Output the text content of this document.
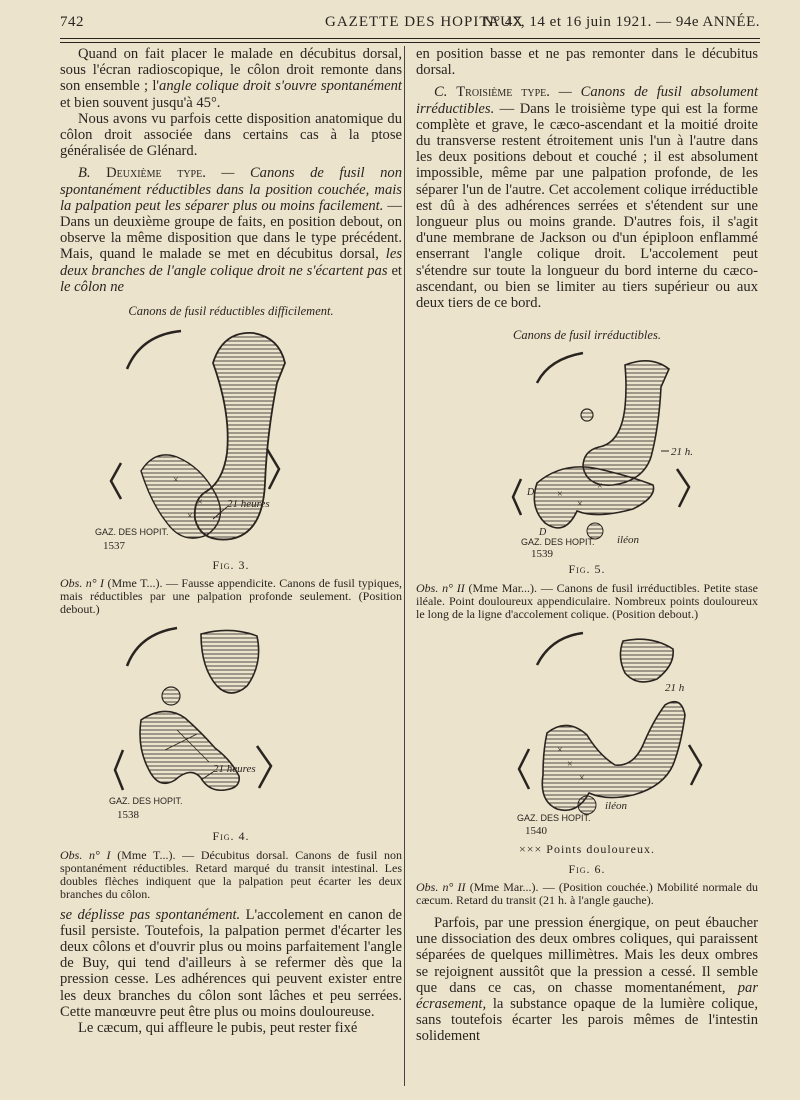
742	GAZETTE DES HOPITAUX
N° 47, 14 et 16 juin 1921. — 94e ANNÉE.

Quand on fait placer le malade en décubitus dorsal, sous l'écran radioscopique, le côlon droit remonte dans son ensemble ; l'angle colique droit s'ouvre spontanément et bien souvent jusqu'à 45°.

Nous avons vu parfois cette disposition anatomique du côlon droit associée dans certains cas à la ptose généralisée de Glénard.

B. Deuxième type. — Canons de fusil non spontanément réductibles dans la position couchée, mais la palpation peut les séparer plus ou moins facilement. — Dans un deuxième groupe de faits, en position debout, on observe la même disposition que dans le type précédent. Mais, quand le malade se met en décubitus dorsal, les deux branches de l'angle colique droit ne s'écartent pas et le côlon ne

Canons de fusil réductibles difficilement.
×
×
×
21 heures
GAZ. DES HOPIT.
1537
Fig. 3.

Obs. n° I (Mme T...). — Fausse appendicite. Canons de fusil typiques, mais réductibles par une palpation profonde seulement. (Position debout.)

21 heures
GAZ. DES HOPIT.
1538
Fig. 4.

Obs. n° I (Mme T...). — Décubitus dorsal. Canons de fusil non spontanément réductibles. Retard marqué du transit intestinal. Les doubles flèches indiquent que la palpation peut écarter les deux branches du côlon.

se déplisse pas spontanément. L'accolement en canon de fusil persiste. Toutefois, la palpation permet d'écarter les deux côlons et d'ouvrir plus ou moins parfaitement l'angle de Buy, qui tend d'ailleurs à se refermer dès que la pression cesse. Les adhérences qui peuvent exister entre les deux branches du côlon sont lâches et peu serrées. Cette manœuvre peut être plus ou moins douloureuse.

Le cæcum, qui affleure le pubis, peut rester fixé

en position basse et ne pas remonter dans le décubitus dorsal.

C. Troisième type. — Canons de fusil absolument irréductibles. — Dans le troisième type qui est la forme complète et grave, le cæco-ascendant et la moitié droite du transverse restent étroitement unis l'un à l'autre dans les deux positions debout et couché ; il est absolument impossible, même par une palpation profonde, de les séparer l'un de l'autre. Cet accolement colique irréductible est dû à des adhérences serrées et s'étendent sur une longueur plus ou moins grande. D'autres fois, il s'agit d'une membrane de Jackson ou d'un épiploon enflammé enserrant l'angle colique droit. L'accolement peut s'étendre sur toute la longueur du bord interne du cæco-ascendant, ou bien se limiter au tiers supérieur ou aux deux tiers de ce bord.

Canons de fusil irréductibles.
×
×
×
21 h.
D
D
iléon
GAZ. DES HOPIT.
1539
Fig. 5.

Obs. n° II (Mme Mar...). — Canons de fusil irréductibles. Petite stase iléale. Point douloureux appendiculaire. Nombreux points douloureux le long de la ligne d'accolement colique. (Position debout.)

×
×
×
21 h
iléon
GAZ. DES HOPIT.
1540
××× Points douloureux.
Fig. 6.

Obs. n° II (Mme Mar...). — (Position couchée.) Mobilité normale du cæcum. Retard du transit (21 h. à l'angle gauche).

Parfois, par une pression énergique, on peut ébaucher une dissociation des deux ombres coliques, qui paraissent séparées de quelques millimètres. Mais les deux ombres se rejoignent aussitôt que la pression a cessé. Il semble que dans ce cas, on chasse momentanément, par écrasement, la substance opaque de la lumière colique, sans toutefois écarter les parois mêmes de l'intestin solidement
